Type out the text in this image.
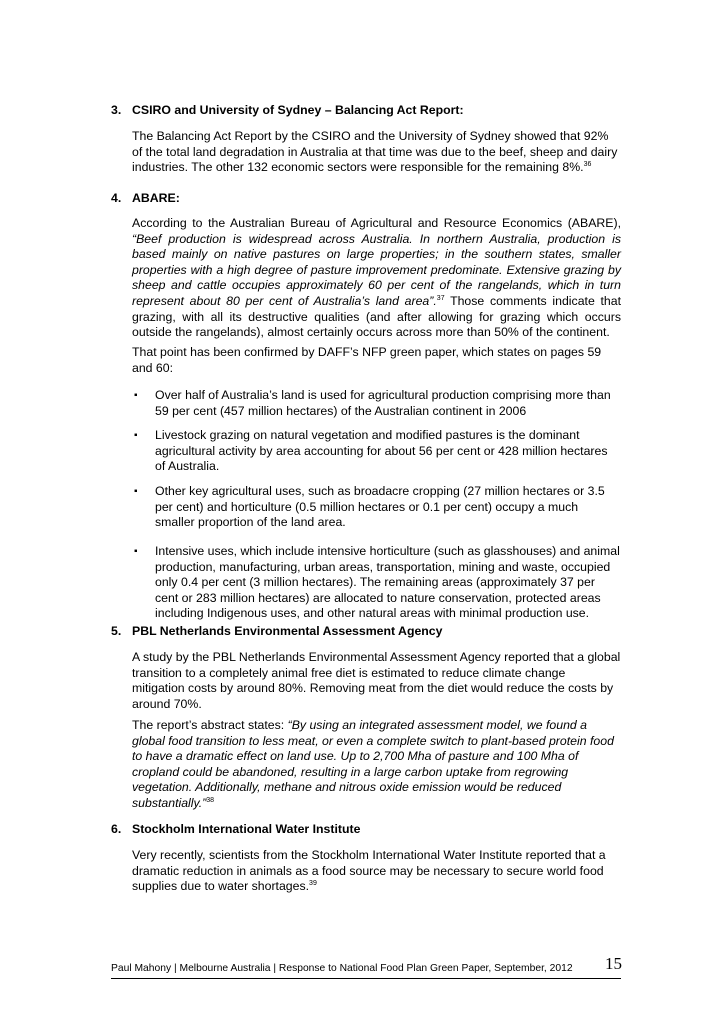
3. CSIRO and University of Sydney – Balancing Act Report:
The Balancing Act Report by the CSIRO and the University of Sydney showed that 92% of the total land degradation in Australia at that time was due to the beef, sheep and dairy industries. The other 132 economic sectors were responsible for the remaining 8%.$^{36}$
4. ABARE:
According to the Australian Bureau of Agricultural and Resource Economics (ABARE), “Beef production is widespread across Australia. In northern Australia, production is based mainly on native pastures on large properties; in the southern states, smaller properties with a high degree of pasture improvement predominate. Extensive grazing by sheep and cattle occupies approximately 60 per cent of the rangelands, which in turn represent about 80 per cent of Australia’s land area”.$^{37}$ Those comments indicate that grazing, with all its destructive qualities (and after allowing for grazing which occurs outside the rangelands), almost certainly occurs across more than 50% of the continent.
That point has been confirmed by DAFF’s NFP green paper, which states on pages 59 and 60:
▪ Over half of Australia’s land is used for agricultural production comprising more than 59 per cent (457 million hectares) of the Australian continent in 2006
▪ Livestock grazing on natural vegetation and modified pastures is the dominant agricultural activity by area accounting for about 56 per cent or 428 million hectares of Australia.
▪ Other key agricultural uses, such as broadacre cropping (27 million hectares or 3.5 per cent) and horticulture (0.5 million hectares or 0.1 per cent) occupy a much smaller proportion of the land area.
▪ Intensive uses, which include intensive horticulture (such as glasshouses) and animal production, manufacturing, urban areas, transportation, mining and waste, occupied only 0.4 per cent (3 million hectares). The remaining areas (approximately 37 per cent or 283 million hectares) are allocated to nature conservation, protected areas including Indigenous uses, and other natural areas with minimal production use.
5. PBL Netherlands Environmental Assessment Agency
A study by the PBL Netherlands Environmental Assessment Agency reported that a global transition to a completely animal free diet is estimated to reduce climate change mitigation costs by around 80%. Removing meat from the diet would reduce the costs by around 70%.
The report’s abstract states: “By using an integrated assessment model, we found a global food transition to less meat, or even a complete switch to plant-based protein food to have a dramatic effect on land use. Up to 2,700 Mha of pasture and 100 Mha of cropland could be abandoned, resulting in a large carbon uptake from regrowing vegetation. Additionally, methane and nitrous oxide emission would be reduced substantially.”$^{38}$
6. Stockholm International Water Institute
Very recently, scientists from the Stockholm International Water Institute reported that a dramatic reduction in animals as a food source may be necessary to secure world food supplies due to water shortages.$^{39}$
Paul Mahony | Melbourne Australia | Response to National Food Plan Green Paper, September, 2012 15
